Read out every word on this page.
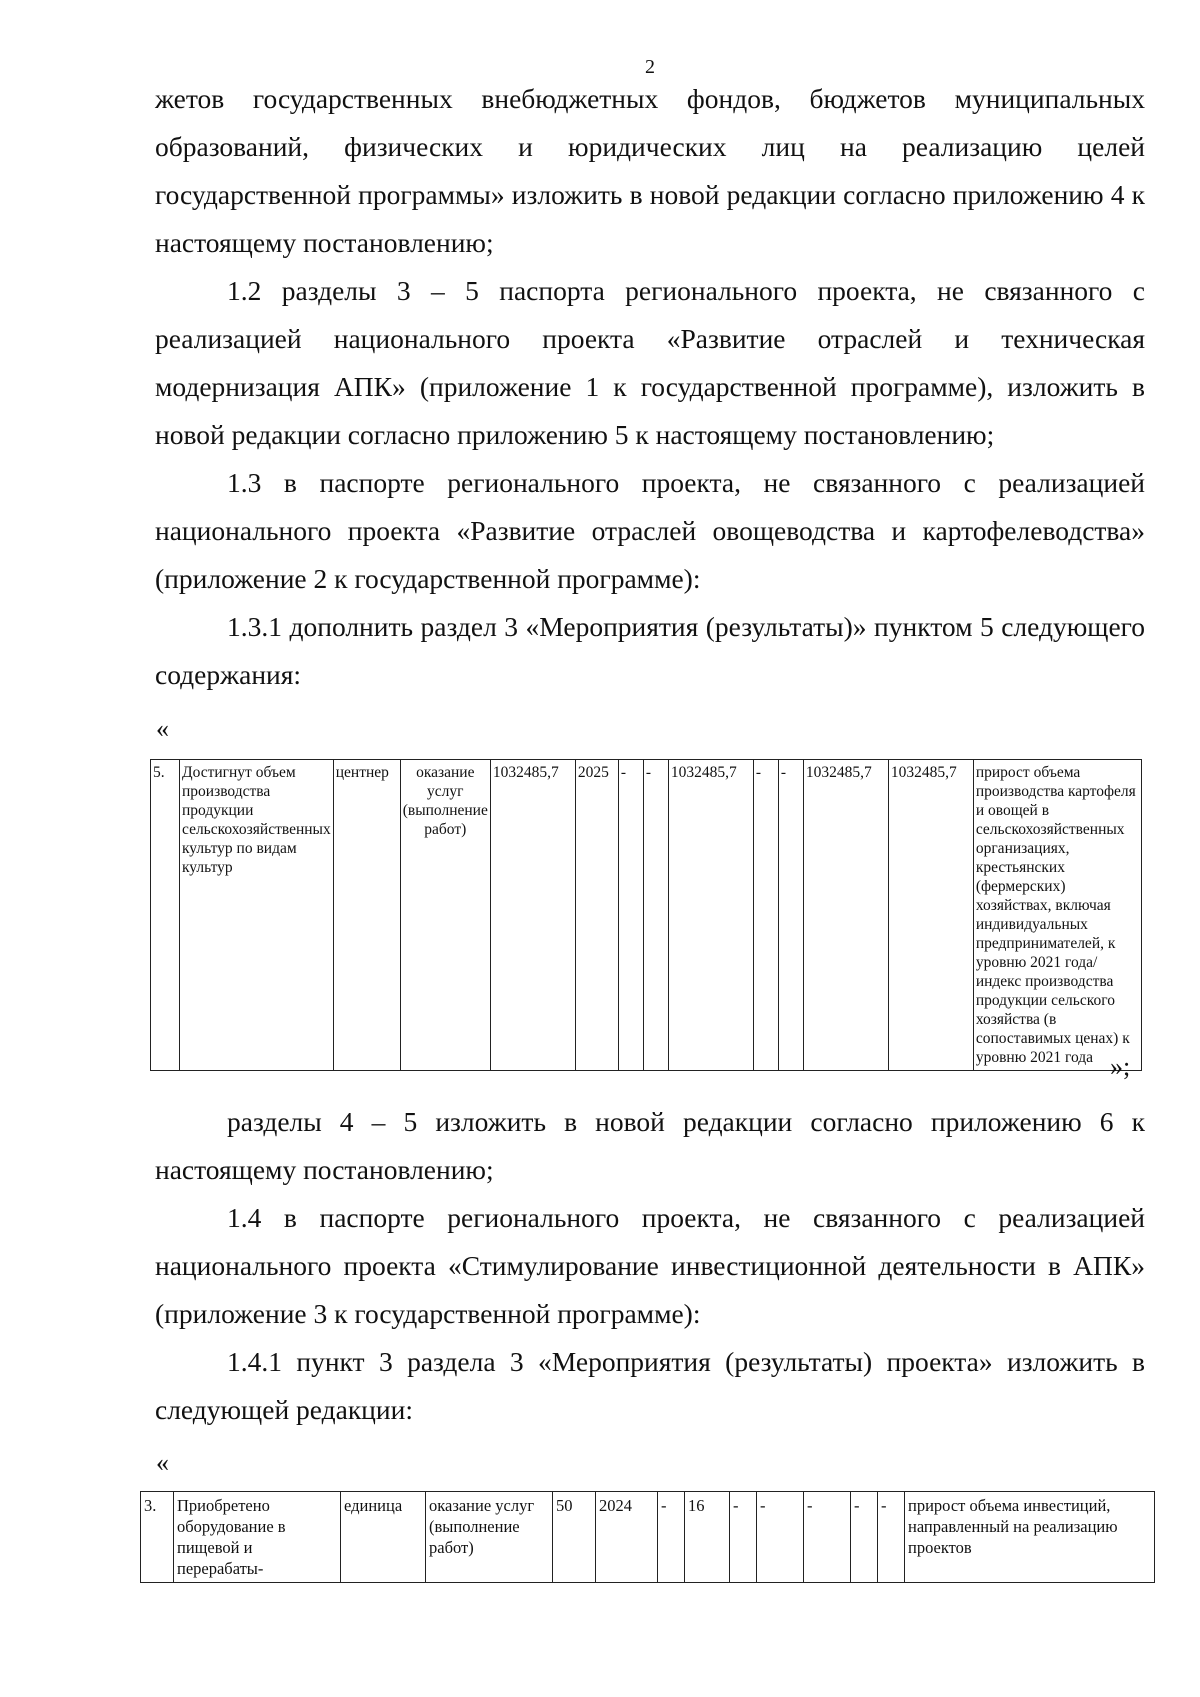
2

жетов государственных внебюджетных фондов, бюджетов муниципальных образований, физических и юридических лиц на реализацию целей государственной программы» изложить в новой редакции согласно приложению 4 к настоящему постановлению;

1.2 разделы 3 – 5 паспорта регионального проекта, не связанного с реализацией национального проекта «Развитие отраслей и техническая модернизация АПК» (приложение 1 к государственной программе), изложить в новой редакции согласно приложению 5 к настоящему постановлению;

1.3 в паспорте регионального проекта, не связанного с реализацией национального проекта «Развитие отраслей овощеводства и картофелеводства» (приложение 2 к государственной программе):

1.3.1 дополнить раздел 3 «Мероприятия (результаты)» пунктом 5 следующего содержания:

«
5.	Достигнут объем производства продукции сельскохозяйственных культур по видам культур	центнер	оказание услуг (выполнение работ)	1032485,7	2025	-	-	1032485,7	-	-	1032485,7	1032485,7	прирост объема производства картофеля и овощей в сельскохозяйственных организациях, крестьянских (фермерских) хозяйствах, включая индивидуальных предпринимателей, к уровню 2021 года/индекс производства продукции сельского хозяйства (в сопоставимых ценах) к уровню 2021 года »;

разделы 4 – 5 изложить в новой редакции согласно приложению 6 к настоящему постановлению;

1.4 в паспорте регионального проекта, не связанного с реализацией национального проекта «Стимулирование инвестиционной деятельности в АПК» (приложение 3 к государственной программе):

1.4.1 пункт 3 раздела 3 «Мероприятия (результаты) проекта» изложить в следующей редакции:

«
3.	Приобретено оборудование в пищевой и перерабаты-	единица	оказание услуг (выполнение работ)	50	2024	-	16	-	-	-	-	-	прирост объема инвестиций, направленный на реализацию проектов
